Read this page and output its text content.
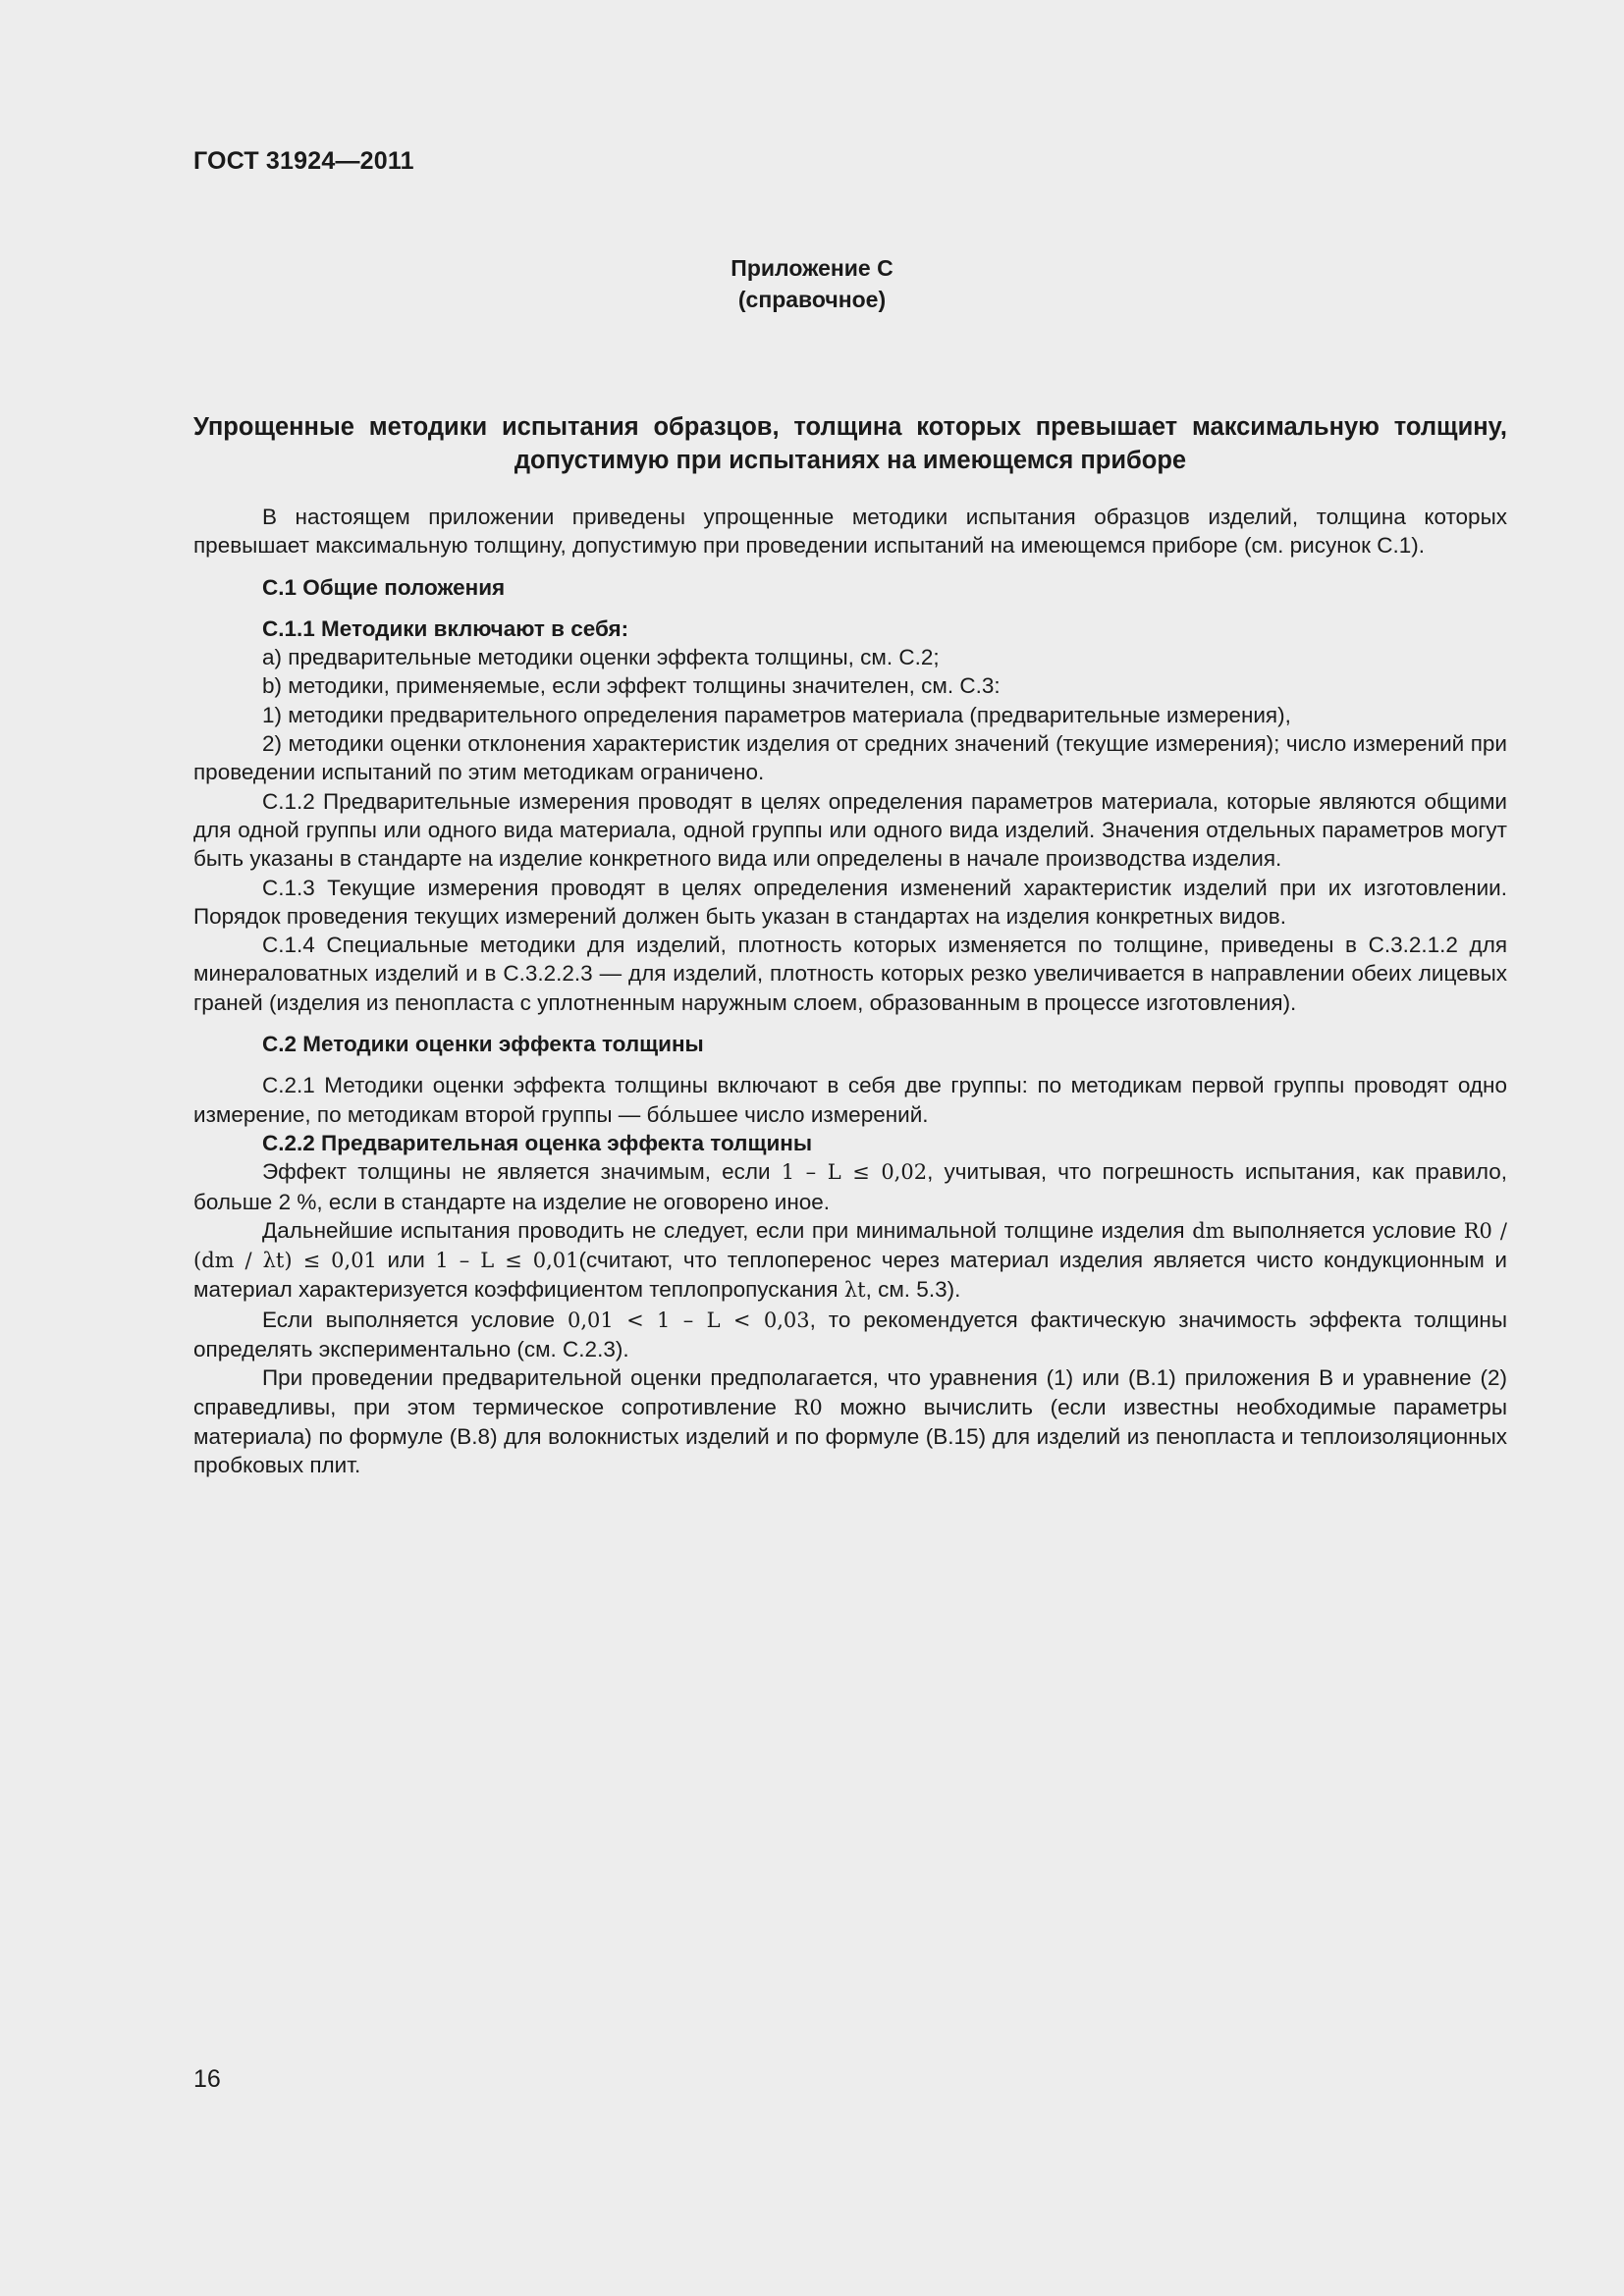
ГОСТ 31924—2011
Приложение С
(справочное)
Упрощенные методики испытания образцов, толщина которых превышает максимальную толщину, допустимую при испытаниях на имеющемся приборе

В настоящем приложении приведены упрощенные методики испытания образцов изделий, толщина которых превышает максимальную толщину, допустимую при проведении испытаний на имеющемся приборе (см. рисунок С.1).

С.1 Общие положения
С.1.1 Методики включают в себя:

a) предварительные методики оценки эффекта толщины, см. С.2;

b) методики, применяемые, если эффект толщины значителен, см. С.3:

1) методики предварительного определения параметров материала (предварительные измерения),

2) методики оценки отклонения характеристик изделия от средних значений (текущие измерения); число измерений при проведении испытаний по этим методикам ограничено.

С.1.2 Предварительные измерения проводят в целях определения параметров материала, которые являются общими для одной группы или одного вида материала, одной группы или одного вида изделий. Значения отдельных параметров могут быть указаны в стандарте на изделие конкретного вида или определены в начале производства изделия.

С.1.3 Текущие измерения проводят в целях определения изменений характеристик изделий при их изготовлении. Порядок проведения текущих измерений должен быть указан в стандартах на изделия конкретных видов.

С.1.4 Специальные методики для изделий, плотность которых изменяется по толщине, приведены в С.3.2.1.2 для минераловатных изделий и в С.3.2.2.3 — для изделий, плотность которых резко увеличивается в направлении обеих лицевых граней (изделия из пенопласта с уплотненным наружным слоем, образованным в процессе изготовления).

С.2 Методики оценки эффекта толщины

С.2.1 Методики оценки эффекта толщины включают в себя две группы: по методикам первой группы проводят одно измерение, по методикам второй группы — бóльшее число измерений.

С.2.2 Предварительная оценка эффекта толщины

Эффект толщины не является значимым, если 1 – L ≤ 0,02, учитывая, что погрешность испытания, как правило, больше 2 %, если в стандарте на изделие не оговорено иное.

Дальнейшие испытания проводить не следует, если при минимальной толщине изделия dm выполняется условие R0 / (dm / λt) ≤ 0,01 или 1 – L ≤ 0,01(считают, что теплоперенос через материал изделия является чисто кондукционным и материал характеризуется коэффициентом теплопропускания λt, см. 5.3).

Если выполняется условие 0,01 < 1 – L < 0,03, то рекомендуется фактическую значимость эффекта толщины определять экспериментально (см. С.2.3).

При проведении предварительной оценки предполагается, что уравнения (1) или (В.1) приложения В и уравнение (2) справедливы, при этом термическое сопротивление R0 можно вычислить (если известны необходимые параметры материала) по формуле (В.8) для волокнистых изделий и по формуле (В.15) для изделий из пенопласта и теплоизоляционных пробковых плит.

16
